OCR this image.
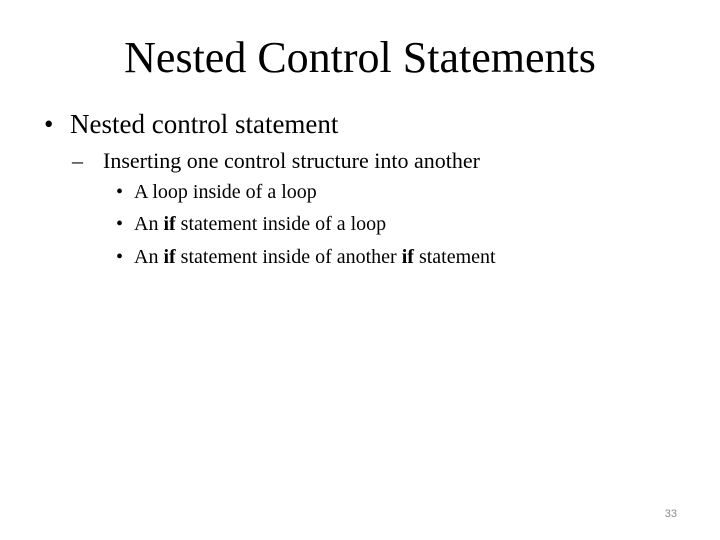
Nested Control Statements
• Nested control statement
– Inserting one control structure into another
• A loop inside of a loop
• An if statement inside of a loop
• An if statement inside of another if statement
33
